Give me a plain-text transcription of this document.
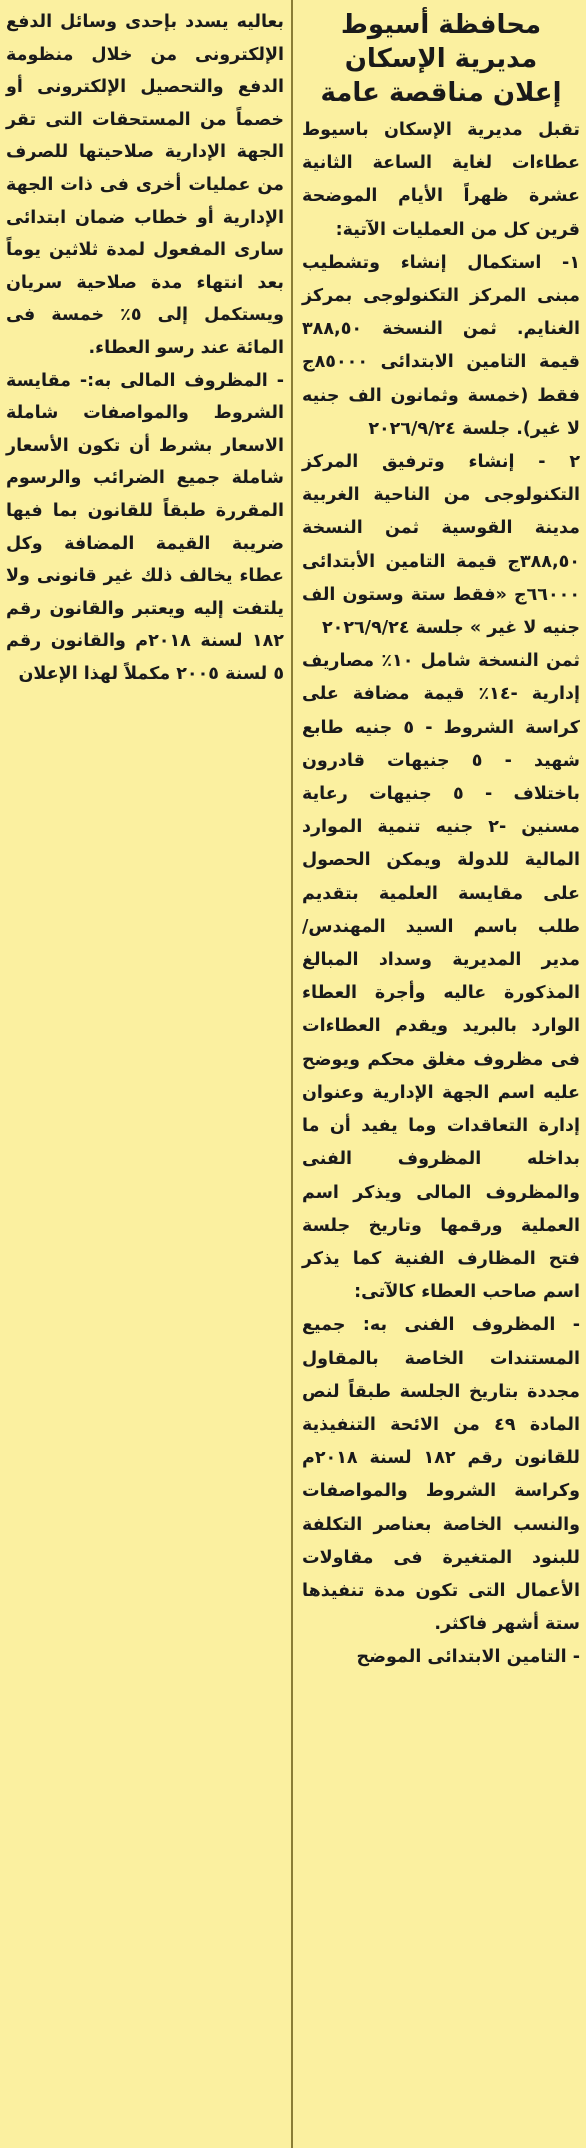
محافظة أسيوط
مديرية الإسكان
إعلان مناقصة عامة

تقبل مديرية الإسكان باسيوط عطاءات لغاية الساعة الثانية عشرة ظهراً الأيام الموضحة قرين كل من العمليات الآتية:

١- استكمال إنشاء وتشطيب مبنى المركز التكنولوجى بمركز الغنايم. ثمن النسخة ٣٨٨,٥٠ قيمة التامين الابتدائى ٨٥٠٠٠ج فقط (خمسة وثمانون الف جنيه لا غير). جلسة ٢٠٢٦/٩/٢٤

٢ - إنشاء وترفيق المركز التكنولوجى من الناحية الغربية مدينة القوسية ثمن النسخة ٣٨٨,٥٠ج قيمة التامين الأبتدائى ٦٦٠٠٠ج «فقط ستة وستون الف جنيه لا غير » جلسة ٢٠٢٦/٩/٢٤

ثمن النسخة شامل ١٠٪ مصاريف إدارية -١٤٪ قيمة مضافة على كراسة الشروط - ٥ جنيه طابع شهيد - ٥ جنيهات قادرون باختلاف - ٥ جنيهات رعاية مسنين -٢ جنيه تنمية الموارد المالية للدولة ويمكن الحصول على مقايسة العلمية بتقديم طلب باسم السيد المهندس/ مدير المديرية وسداد المبالغ المذكورة عاليه وأجرة العطاء الوارد بالبريد ويقدم العطاءات فى مظروف مغلق محكم ويوضح عليه اسم الجهة الإدارية وعنوان إدارة التعاقدات وما يفيد أن ما بداخله المظروف الفنى والمظروف المالى ويذكر اسم العملية ورقمها وتاريخ جلسة فتح المظارف الفنية كما يذكر اسم صاحب العطاء كالآتى:

- المظروف الفنى به: جميع المستندات الخاصة بالمقاول مجددة بتاريخ الجلسة طبقاً لنص المادة ٤٩ من الائحة التنفيذية للقانون رقم ١٨٢ لسنة ٢٠١٨م وكراسة الشروط والمواصفات والنسب الخاصة بعناصر التكلفة للبنود المتغيرة فى مقاولات الأعمال التى تكون مدة تنفيذها ستة أشهر فاكثر.

- التامين الابتدائى الموضح

بعاليه يسدد بإحدى وسائل الدفع الإلكترونى من خلال منظومة الدفع والتحصيل الإلكترونى أو خصماً من المستحقات التى تقر الجهة الإدارية صلاحيتها للصرف من عمليات أخرى فى ذات الجهة الإدارية أو خطاب ضمان ابتدائى سارى المفعول لمدة ثلاثين يوماً بعد انتهاء مدة صلاحية سريان ويستكمل إلى ٥٪ خمسة فى المائة عند رسو العطاء.

- المظروف المالى به:- مقايسة الشروط والمواصفات شاملة الاسعار بشرط أن تكون الأسعار شاملة جميع الضرائب والرسوم المقررة طبقاً للقانون بما فيها ضريبة القيمة المضافة وكل عطاء يخالف ذلك غير قانونى ولا يلتفت إليه ويعتبر والقانون رقم ١٨٢ لسنة ٢٠١٨م والقانون رقم ٥ لسنة ٢٠٠٥ مكملاً لهذا الإعلان
